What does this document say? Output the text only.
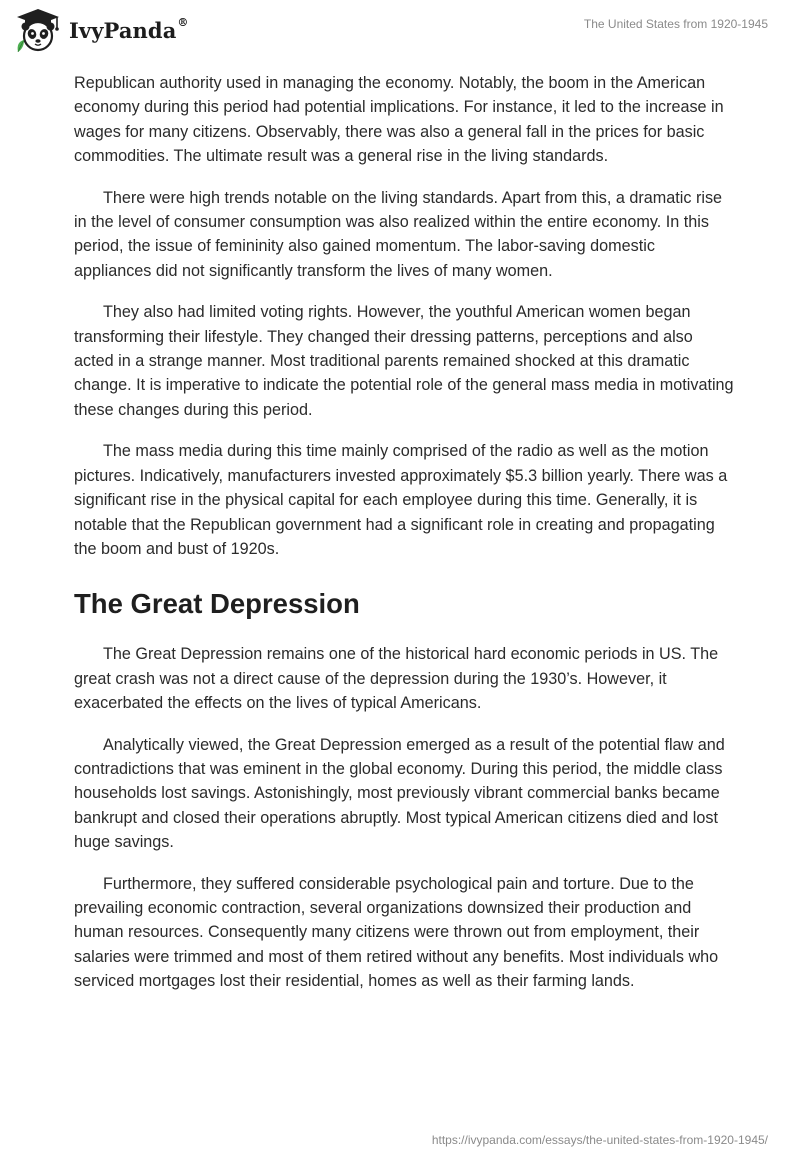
IvyPanda®	The United States from 1920-1945

Republican authority used in managing the economy. Notably, the boom in the American economy during this period had potential implications. For instance, it led to the increase in wages for many citizens. Observably, there was also a general fall in the prices for basic commodities. The ultimate result was a general rise in the living standards.

There were high trends notable on the living standards. Apart from this, a dramatic rise in the level of consumer consumption was also realized within the entire economy. In this period, the issue of femininity also gained momentum. The labor-saving domestic appliances did not significantly transform the lives of many women.

They also had limited voting rights. However, the youthful American women began transforming their lifestyle. They changed their dressing patterns, perceptions and also acted in a strange manner. Most traditional parents remained shocked at this dramatic change. It is imperative to indicate the potential role of the general mass media in motivating these changes during this period.

The mass media during this time mainly comprised of the radio as well as the motion pictures. Indicatively, manufacturers invested approximately $5.3 billion yearly. There was a significant rise in the physical capital for each employee during this time. Generally, it is notable that the Republican government had a significant role in creating and propagating the boom and bust of 1920s.

The Great Depression

The Great Depression remains one of the historical hard economic periods in US. The great crash was not a direct cause of the depression during the 1930’s. However, it exacerbated the effects on the lives of typical Americans.

Analytically viewed, the Great Depression emerged as a result of the potential flaw and contradictions that was eminent in the global economy. During this period, the middle class households lost savings. Astonishingly, most previously vibrant commercial banks became bankrupt and closed their operations abruptly. Most typical American citizens died and lost huge savings.

Furthermore, they suffered considerable psychological pain and torture. Due to the prevailing economic contraction, several organizations downsized their production and human resources. Consequently many citizens were thrown out from employment, their salaries were trimmed and most of them retired without any benefits. Most individuals who serviced mortgages lost their residential, homes as well as their farming lands.

https://ivypanda.com/essays/the-united-states-from-1920-1945/
